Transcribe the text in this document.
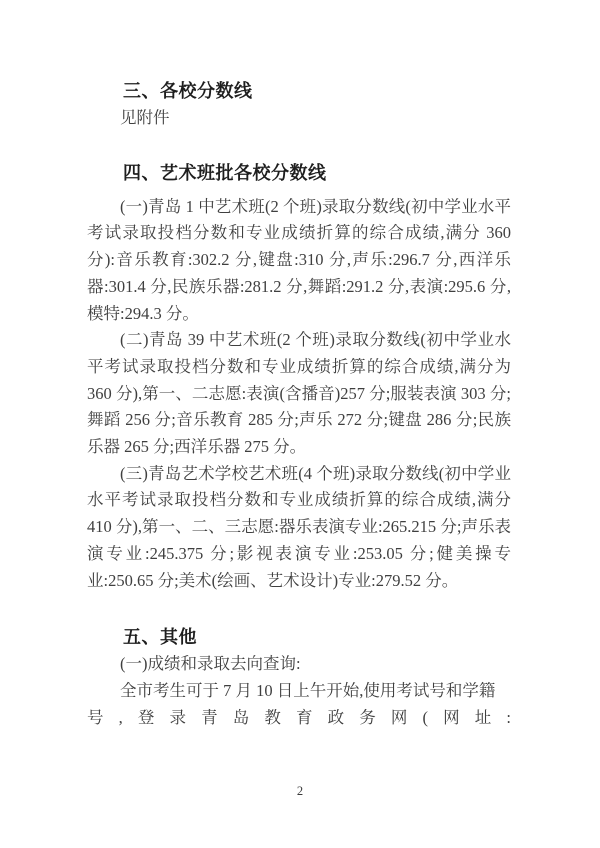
三、各校分数线

见附件

四、艺术班批各校分数线

(一)青岛 1 中艺术班(2 个班)录取分数线(初中学业水平考试录取投档分数和专业成绩折算的综合成绩,满分 360 分):音乐教育:302.2 分,键盘:310 分,声乐:296.7 分,西洋乐器:301.4 分,民族乐器:281.2 分,舞蹈:291.2 分,表演:295.6 分,模特:294.3 分。

(二)青岛 39 中艺术班(2 个班)录取分数线(初中学业水平考试录取投档分数和专业成绩折算的综合成绩,满分为 360 分),第一、二志愿:表演(含播音)257 分;服装表演 303 分;舞蹈 256 分;音乐教育 285 分;声乐 272 分;键盘 286 分;民族乐器 265 分;西洋乐器 275 分。

(三)青岛艺术学校艺术班(4 个班)录取分数线(初中学业水平考试录取投档分数和专业成绩折算的综合成绩,满分 410 分),第一、二、三志愿:器乐表演专业:265.215 分;声乐表演专业:245.375 分;影视表演专业:253.05 分;健美操专业:250.65 分;美术(绘画、艺术设计)专业:279.52 分。

五、其他

(一)成绩和录取去向查询:

全市考生可于 7 月 10 日上午开始,使用考试号和学籍

号,登录青岛教育政务网(网址:

2
